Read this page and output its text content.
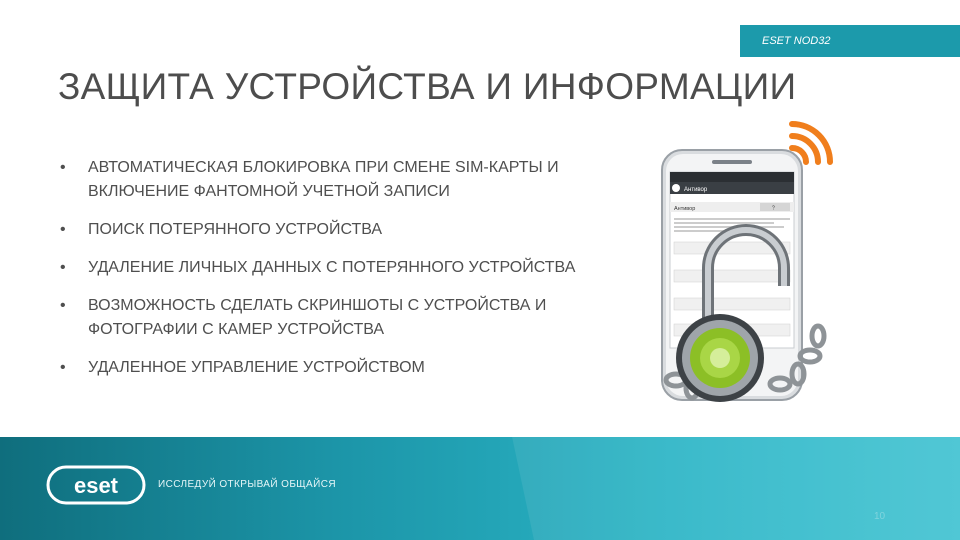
ESET NOD32
ЗАЩИТА УСТРОЙСТВА И ИНФОРМАЦИИ
• АВТОМАТИЧЕСКАЯ БЛОКИРОВКА ПРИ СМЕНЕ SIM-КАРТЫ И ВКЛЮЧЕНИЕ ФАНТОМНОЙ УЧЕТНОЙ ЗАПИСИ
• ПОИСК ПОТЕРЯННОГО УСТРОЙСТВА
• УДАЛЕНИЕ ЛИЧНЫХ ДАННЫХ С ПОТЕРЯННОГО УСТРОЙСТВА
• ВОЗМОЖНОСТЬ СДЕЛАТЬ СКРИНШОТЫ С УСТРОЙСТВА И ФОТОГРАФИИ С КАМЕР УСТРОЙСТВА
• УДАЛЕННОЕ УПРАВЛЕНИЕ УСТРОЙСТВОМ
Антивор
Антивор	?
eset	ИССЛЕДУЙ ОТКРЫВАЙ ОБЩАЙСЯ
10
